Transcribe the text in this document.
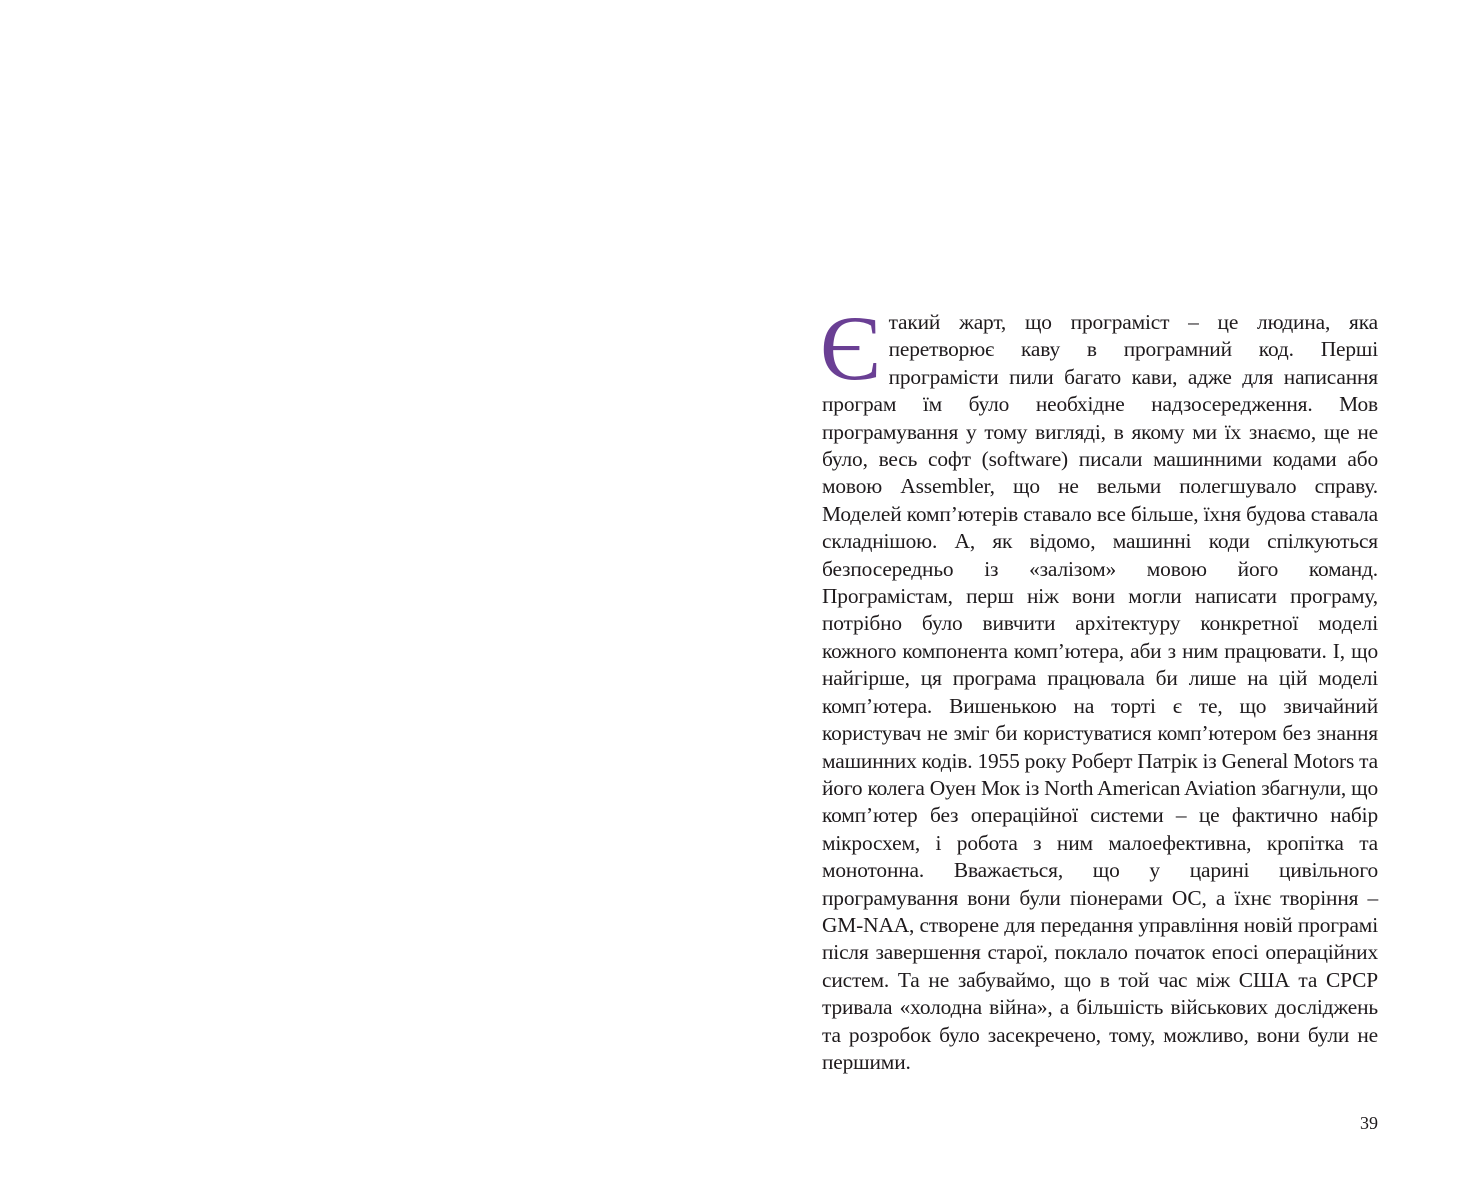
Є такий жарт, що програміст – це людина, яка перетворює каву в програмний код. Перші програмісти пили багато кави, адже для написання програм їм було необхідне надзосередження. Мов програмування у тому вигляді, в якому ми їх знаємо, ще не було, весь софт (software) писали машинними кодами або мовою Assembler, що не вельми полегшувало справу. Моделей комп’ютерів ставало все більше, їхня будова ставала складнішою. А, як відомо, машинні коди спілкуються безпосередньо із «залізом» мовою його команд. Програмістам, перш ніж вони могли написати програму, потрібно було вивчити архітектуру конкретної моделі кожного компонента комп’ютера, аби з ним працювати. І, що найгірше, ця програма працювала би лише на цій моделі комп’ютера. Вишенькою на торті є те, що звичайний користувач не зміг би користуватися комп’ютером без знання машинних кодів. 1955 року Роберт Патрік із General Motors та його колега Оуен Мок із North American Aviation збагнули, що комп’ютер без операційної системи – це фактично набір мікросхем, і робота з ним малоефективна, кропітка та монотонна. Вважається, що у царині цивільного програмування вони були піонерами ОС, а їхнє творіння – GM-NAA, створене для передання управління новій програмі після завершення старої, поклало початок епосі операційних систем. Та не забуваймо, що в той час між США та СРСР тривала «холодна війна», а більшість військових досліджень та розробок було засекречено, тому, можливо, вони були не першими.
39
